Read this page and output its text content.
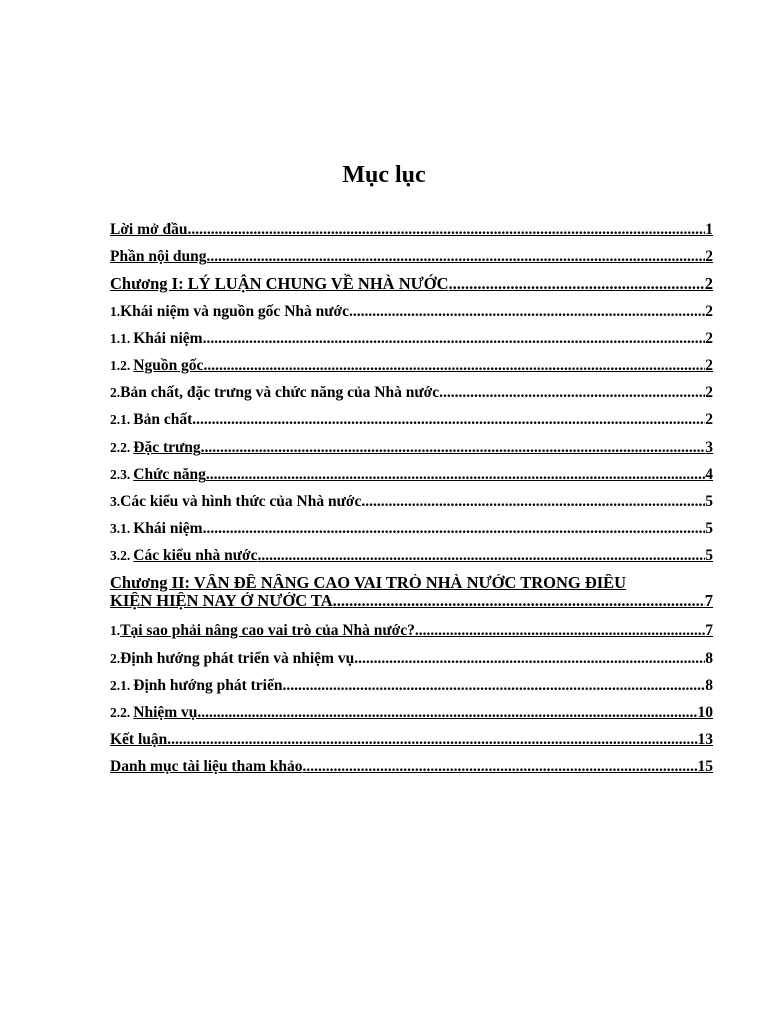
Mục lục
Lời mở đầu .....	1
Phần nội dung .....	2
Chương I: LÝ LUẬN CHUNG VỀ NHÀ NƯỚC .....	2
1. Khái niệm và nguồn gốc Nhà nước .....	2
1.1. Khái niệm .....	2
1.2. Nguồn gốc .....	2
2. Bản chất, đặc trưng và chức năng của Nhà nước .....	2
2.1. Bản chất .....	2
2.2. Đặc trưng .....	3
2.3. Chức năng .....	4
3. Các kiểu và hình thức của Nhà nước .....	5
3.1. Khái niệm .....	5
3.2. Các kiểu nhà nước .....	5
Chương II: VẤN ĐỀ NÂNG CAO VAI TRÒ NHÀ NƯỚC TRONG ĐIỀU
KIỆN HIỆN NAY Ở NƯỚC TA .....	7
1. Tại sao phải nâng cao vai trò của Nhà nước? .....	7
2. Định hướng phát triển và nhiệm vụ .....	8
2.1. Định hướng phát triển .....	8
2.2. Nhiệm vụ .....	10
Kết luận .....	13
Danh mục tài liệu tham khảo .....	15
